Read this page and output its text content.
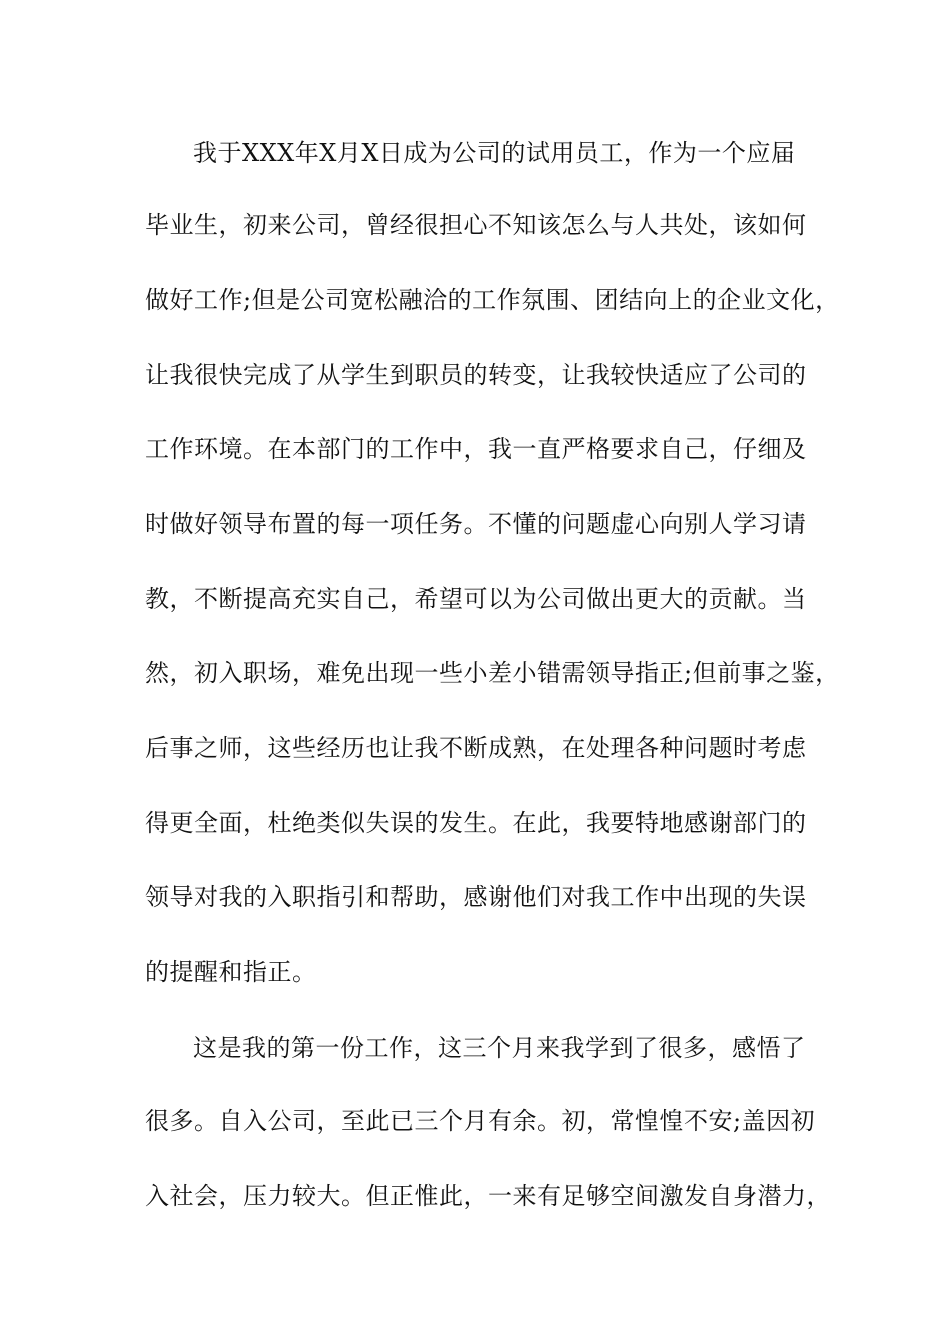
我于XXX年X月X日成为公司的试用员工，作为一个应届
毕业生，初来公司，曾经很担心不知该怎么与人共处，该如何
做好工作;但是公司宽松融洽的工作氛围、团结向上的企业文化，
让我很快完成了从学生到职员的转变，让我较快适应了公司的
工作环境。在本部门的工作中，我一直严格要求自己，仔细及
时做好领导布置的每一项任务。不懂的问题虚心向别人学习请
教，不断提高充实自己，希望可以为公司做出更大的贡献。当
然，初入职场，难免出现一些小差小错需领导指正;但前事之鉴，
后事之师，这些经历也让我不断成熟，在处理各种问题时考虑
得更全面，杜绝类似失误的发生。在此，我要特地感谢部门的
领导对我的入职指引和帮助，感谢他们对我工作中出现的失误
的提醒和指正。
这是我的第一份工作，这三个月来我学到了很多，感悟了
很多。自入公司，至此已三个月有余。初，常惶惶不安;盖因初
入社会，压力较大。但正惟此，一来有足够空间激发自身潜力，
